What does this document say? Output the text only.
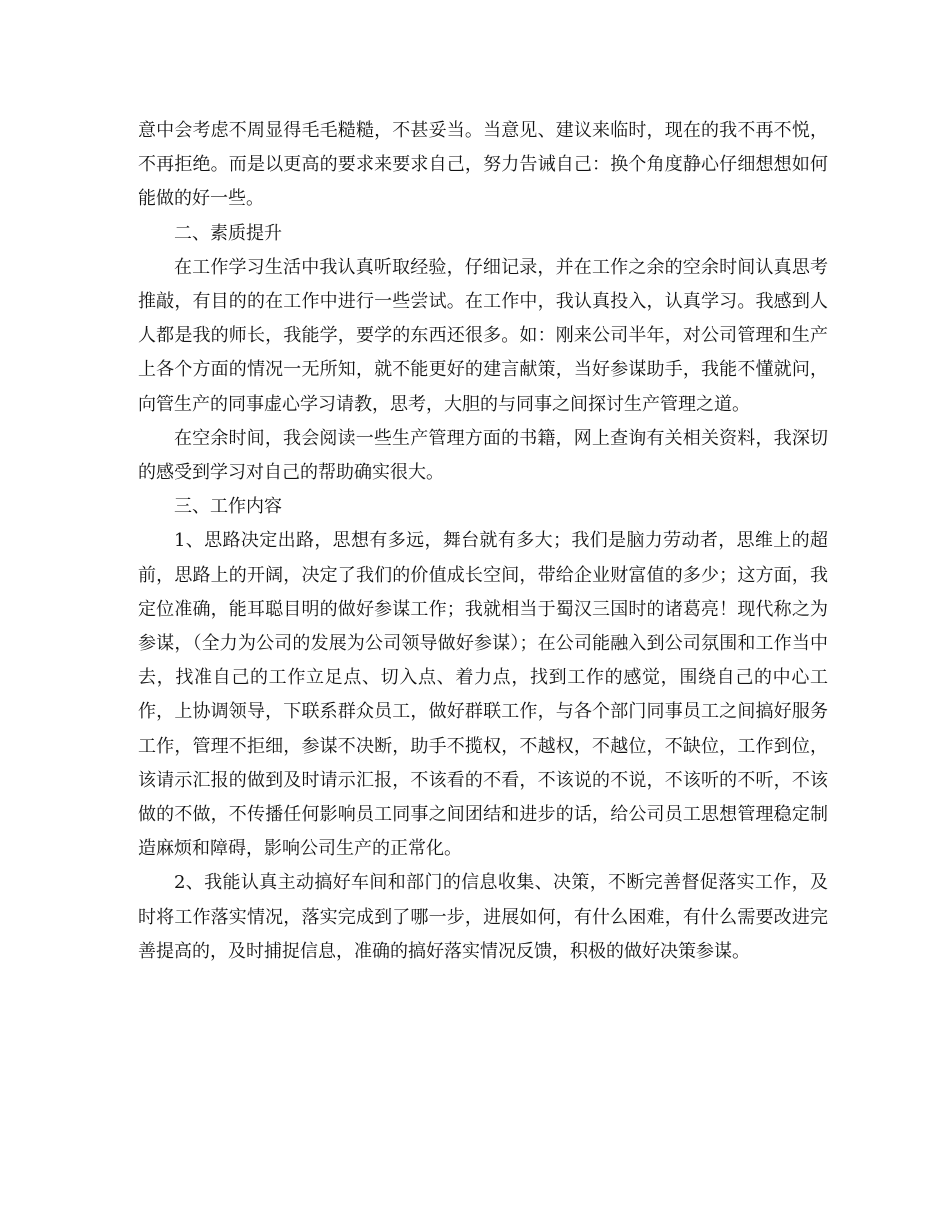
意中会考虑不周显得毛毛糙糙，不甚妥当。当意见、建议来临时，现在的我不再不悦，不再拒绝。而是以更高的要求来要求自己，努力告诫自己：换个角度静心仔细想想如何能做的好一些。

二、素质提升

在工作学习生活中我认真听取经验，仔细记录，并在工作之余的空余时间认真思考推敲，有目的的在工作中进行一些尝试。在工作中，我认真投入，认真学习。我感到人人都是我的师长，我能学，要学的东西还很多。如：刚来公司半年，对公司管理和生产上各个方面的情况一无所知，就不能更好的建言献策，当好参谋助手，我能不懂就问，向管生产的同事虚心学习请教，思考，大胆的与同事之间探讨生产管理之道。

在空余时间，我会阅读一些生产管理方面的书籍，网上查询有关相关资料，我深切的感受到学习对自己的帮助确实很大。

三、工作内容

1、思路决定出路，思想有多远，舞台就有多大；我们是脑力劳动者，思维上的超前，思路上的开阔，决定了我们的价值成长空间，带给企业财富值的多少；这方面，我定位准确，能耳聪目明的做好参谋工作；我就相当于蜀汉三国时的诸葛亮！现代称之为参谋，（全力为公司的发展为公司领导做好参谋）；在公司能融入到公司氛围和工作当中去，找准自己的工作立足点、切入点、着力点，找到工作的感觉，围绕自己的中心工作，上协调领导，下联系群众员工，做好群联工作，与各个部门同事员工之间搞好服务工作，管理不拒细，参谋不决断，助手不揽权，不越权，不越位，不缺位，工作到位，该请示汇报的做到及时请示汇报，不该看的不看，不该说的不说，不该听的不听，不该做的不做，不传播任何影响员工同事之间团结和进步的话，给公司员工思想管理稳定制造麻烦和障碍，影响公司生产的正常化。

2、我能认真主动搞好车间和部门的信息收集、决策，不断完善督促落实工作，及时将工作落实情况，落实完成到了哪一步，进展如何，有什么困难，有什么需要改进完善提高的，及时捕捉信息，准确的搞好落实情况反馈，积极的做好决策参谋。
